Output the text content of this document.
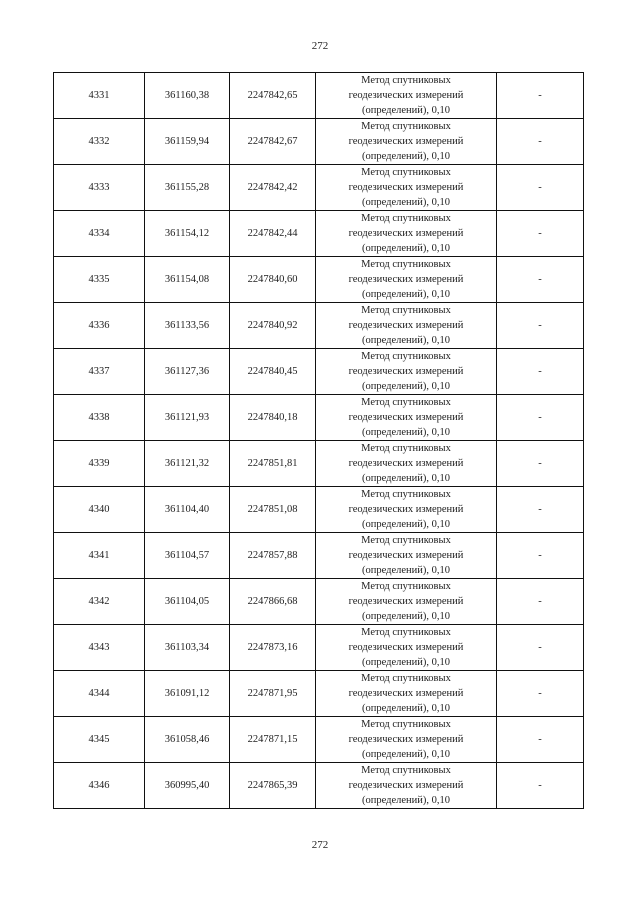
272
4331	361160,38	2247842,65	Метод спутниковых
геодезических измерений
(определений), 0,10	-
4332	361159,94	2247842,67	Метод спутниковых
геодезических измерений
(определений), 0,10	-
4333	361155,28	2247842,42	Метод спутниковых
геодезических измерений
(определений), 0,10	-
4334	361154,12	2247842,44	Метод спутниковых
геодезических измерений
(определений), 0,10	-
4335	361154,08	2247840,60	Метод спутниковых
геодезических измерений
(определений), 0,10	-
4336	361133,56	2247840,92	Метод спутниковых
геодезических измерений
(определений), 0,10	-
4337	361127,36	2247840,45	Метод спутниковых
геодезических измерений
(определений), 0,10	-
4338	361121,93	2247840,18	Метод спутниковых
геодезических измерений
(определений), 0,10	-
4339	361121,32	2247851,81	Метод спутниковых
геодезических измерений
(определений), 0,10	-
4340	361104,40	2247851,08	Метод спутниковых
геодезических измерений
(определений), 0,10	-
4341	361104,57	2247857,88	Метод спутниковых
геодезических измерений
(определений), 0,10	-
4342	361104,05	2247866,68	Метод спутниковых
геодезических измерений
(определений), 0,10	-
4343	361103,34	2247873,16	Метод спутниковых
геодезических измерений
(определений), 0,10	-
4344	361091,12	2247871,95	Метод спутниковых
геодезических измерений
(определений), 0,10	-
4345	361058,46	2247871,15	Метод спутниковых
геодезических измерений
(определений), 0,10	-
4346	360995,40	2247865,39	Метод спутниковых
геодезических измерений
(определений), 0,10	-
272
